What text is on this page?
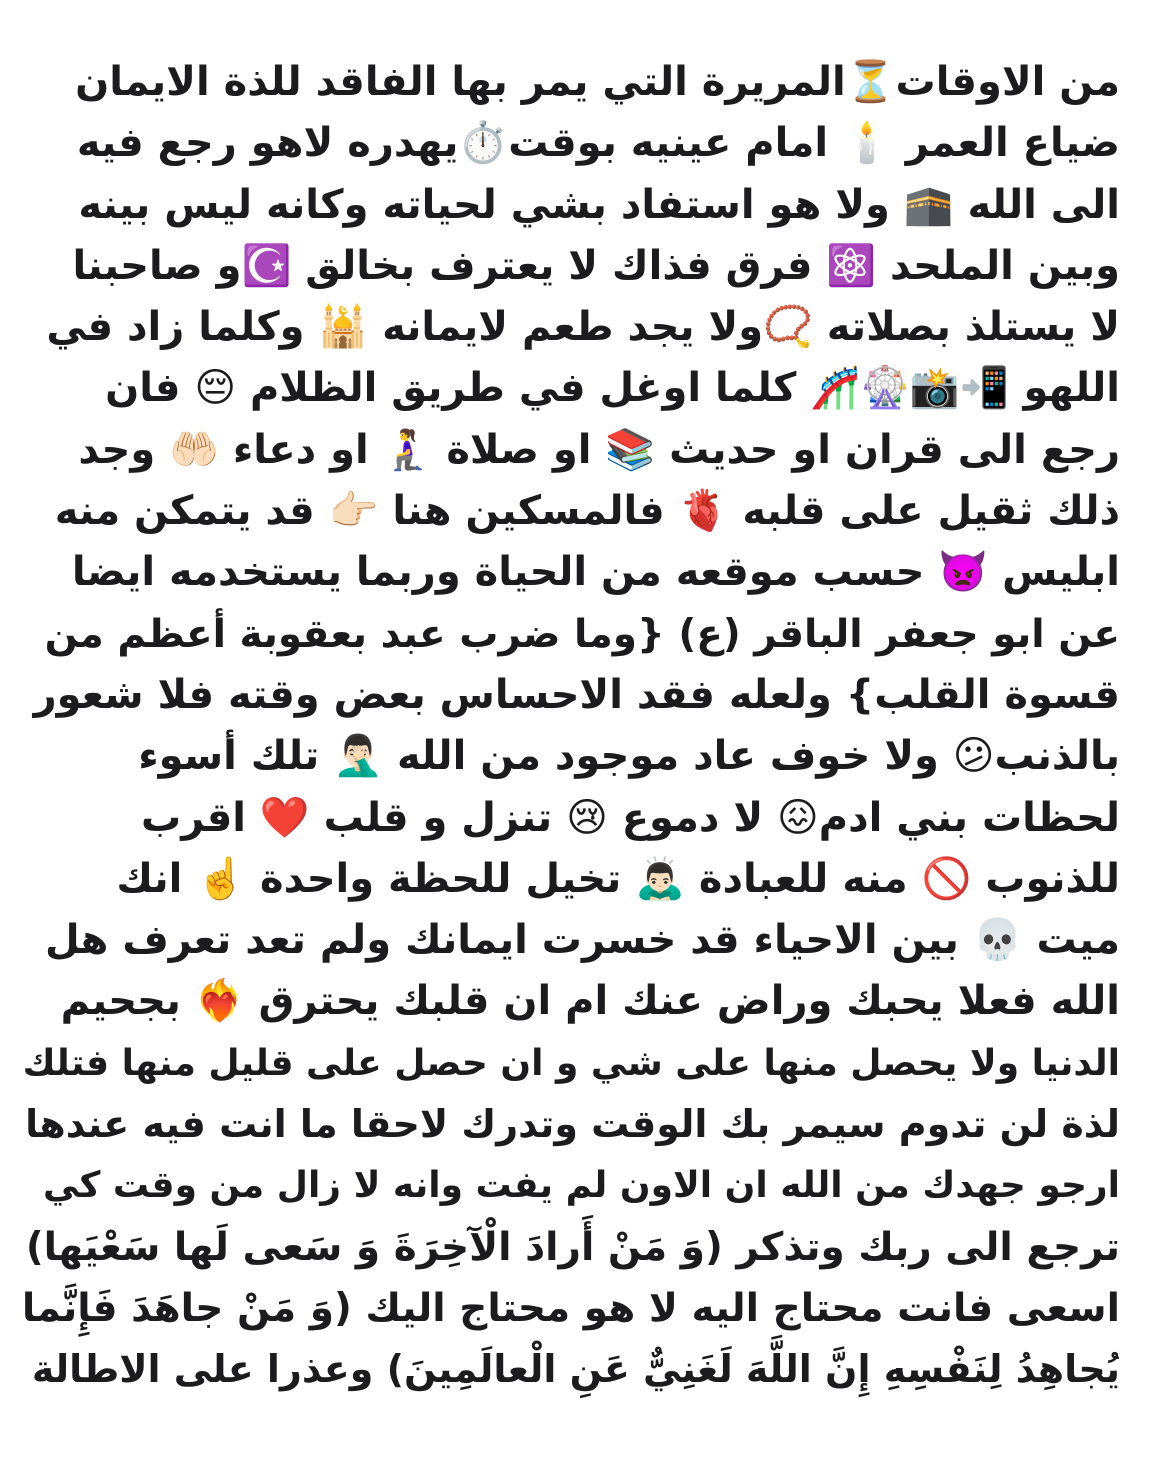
من الاوقات⏳المريرة التي يمر بها الفاقد للذة الايمان
ضياع العمر 🕯️ امام عينيه بوقت⏱️يهدره لاهو رجع فيه
الى الله 🕋 ولا هو استفاد بشي لحياته وكانه ليس بينه
وبين الملحد ⚛️ فرق فذاك لا يعترف بخالق ☪️و صاحبنا
لا يستلذ بصلاته 📿ولا يجد طعم لايمانه 🕌 وكلما زاد في
اللهو 📲📸🎡🎢 كلما اوغل في طريق الظلام 😔 فان
رجع الى قران او حديث 📚 او صلاة 🧎‍♀️ او دعاء 🤲🏻 وجد
ذلك ثقيل على قلبه 🫀 فالمسكين هنا 👉🏻 قد يتمكن منه
ابليس 👿 حسب موقعه من الحياة وربما يستخدمه ايضا
عن ابو جعفر الباقر (ع) {وما ضرب عبد بعقوبة أعظم من
قسوة القلب} ولعله فقد الاحساس بعض وقته فلا شعور
بالذنب😕 ولا خوف عاد موجود من الله 🤦🏻‍♂️ تلك أسوء
لحظات بني ادم😖 لا دموع 😢 تنزل و قلب ❤️ اقرب
للذنوب 🚫 منه للعبادة 🙇🏻‍♂️ تخيل للحظة واحدة ☝️ انك
ميت 💀 بين الاحياء قد خسرت ايمانك ولم تعد تعرف هل
الله فعلا يحبك وراض عنك ام ان قلبك يحترق ❤️‍🔥 بجحيم
الدنيا ولا يحصل منها على شي و ان حصل على قليل منها فتلك
لذة لن تدوم سيمر بك الوقت وتدرك لاحقا ما انت فيه عندها
ارجو جهدك من الله ان الاون لم يفت وانه لا زال من وقت كي
ترجع الى ربك وتذكر (وَ مَنْ أَرادَ الْآخِرَةَ وَ سَعى لَها سَعْيَها)
اسعى فانت محتاج اليه لا هو محتاج اليك (وَ مَنْ جاهَدَ فَإِنَّما
يُجاهِدُ لِنَفْسِهِ إِنَّ اللَّهَ لَغَنِيٌّ عَنِ الْعالَمِينَ) وعذرا على الاطالة
